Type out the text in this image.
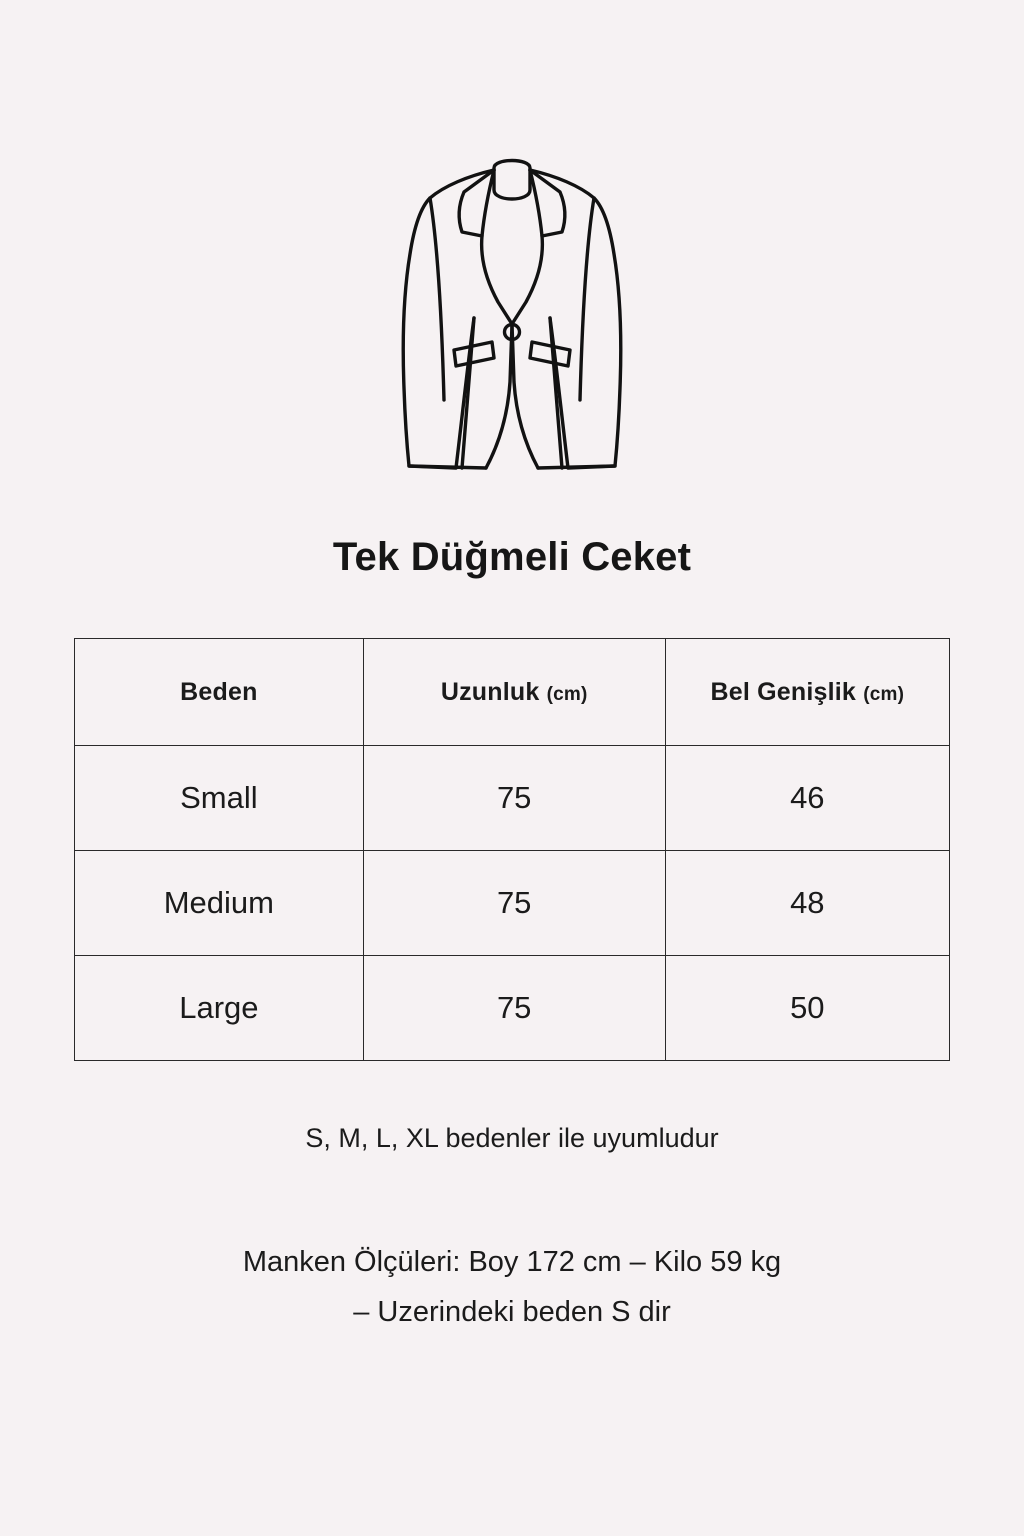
Tek Düğmeli Ceket
Beden	Uzunluk (cm)	Bel Genişlik (cm)
Small	75	46
Medium	75	48
Large	75	50
S, M, L, XL bedenler ile uyumludur
Manken Ölçüleri: Boy 172 cm – Kilo 59 kg
– Uzerindeki beden S dir
